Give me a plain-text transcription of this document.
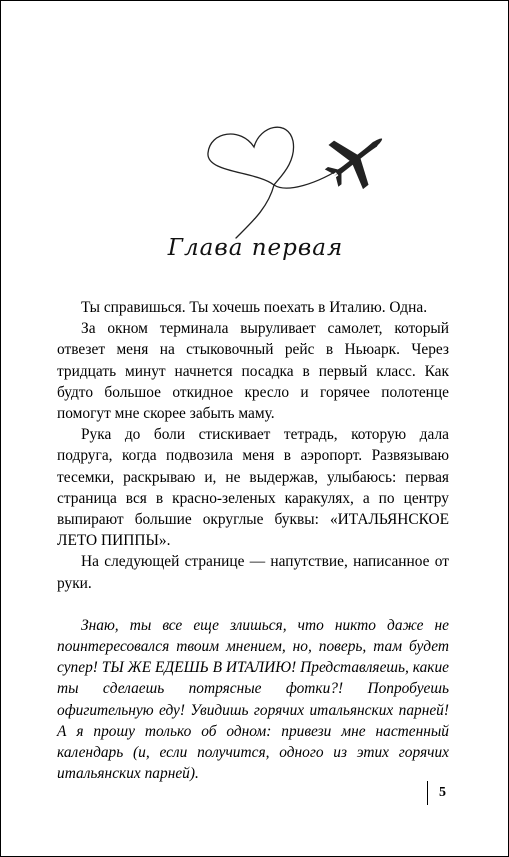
Глава первая

Ты справишься. Ты хочешь поехать в Италию. Одна.

За окном терминала выруливает самолет, который отвезет меня на стыковочный рейс в Ньюарк. Через тридцать минут начнется посадка в первый класс. Как будто большое откидное кресло и горячее полотенце помогут мне скорее забыть маму.

Рука до боли стискивает тетрадь, которую дала подруга, когда подвозила меня в аэропорт. Развязываю тесемки, раскрываю и, не выдержав, улыбаюсь: первая страница вся в красно-зеленых каракулях, а по центру выпирают большие округлые буквы: «ИТАЛЬЯНСКОЕ ЛЕТО ПИППЫ».

На следующей странице — напутствие, написанное от руки.

Знаю, ты все еще злишься, что никто даже не поинтересовался твоим мнением, но, поверь, там будет супер! ТЫ ЖЕ ЕДЕШЬ В ИТАЛИЮ! Представляешь, какие ты сделаешь потрясные фотки?! Попробуешь офигительную еду! Увидишь горячих итальянских парней! А я прошу только об одном: привези мне настенный календарь (и, если получится, одного из этих горячих итальянских парней).

5
